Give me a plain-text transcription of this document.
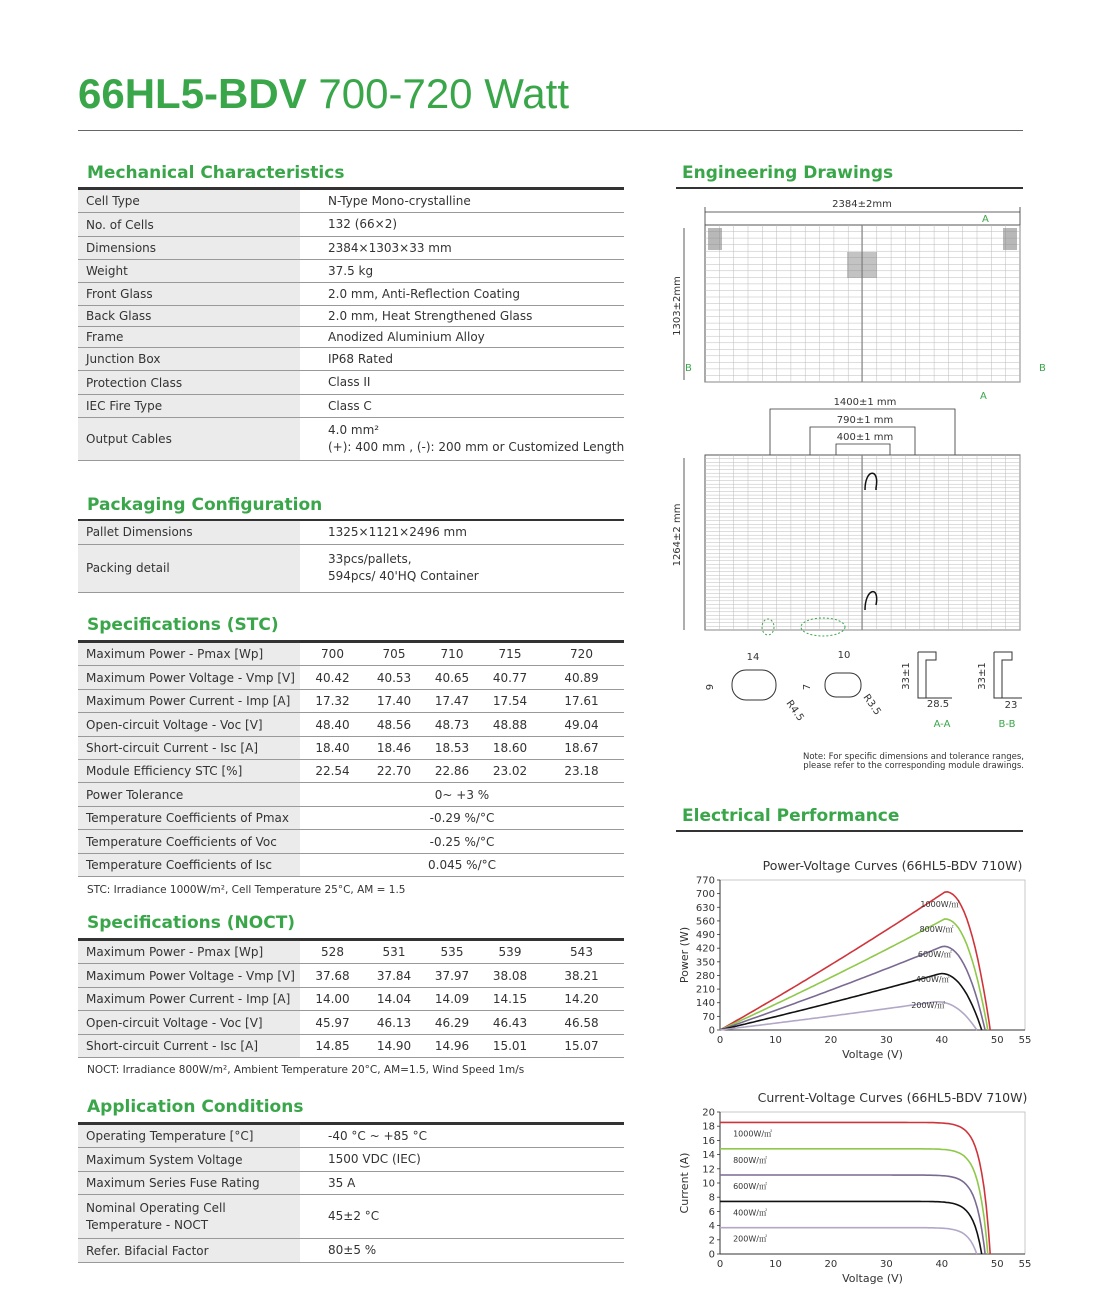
66HL5-BDV 700-720 Watt
Mechanical Characteristics
Cell Type	N-Type Mono-crystalline
No. of Cells	132 (66×2)
Dimensions	2384×1303×33 mm
Weight	37.5 kg
Front Glass	2.0 mm, Anti-Reflection Coating
Back Glass	2.0 mm, Heat Strengthened Glass
Frame	Anodized Aluminium Alloy
Junction Box	IP68 Rated
Protection Class	Class II
IEC Fire Type	Class C
Output Cables	4.0 mm²
(+): 400 mm , (-): 200 mm or Customized Length
Packaging Configuration
Pallet Dimensions	1325×1121×2496 mm
Packing detail	33pcs/pallets,
594pcs/ 40'HQ Container
Specifications (STC)
Maximum Power - Pmax [Wp]	700	705	710	715	720
Maximum Power Voltage - Vmp [V]	40.42	40.53	40.65	40.77	40.89
Maximum Power Current - Imp [A]	17.32	17.40	17.47	17.54	17.61
Open-circuit Voltage - Voc [V]	48.40	48.56	48.73	48.88	49.04
Short-circuit Current - Isc [A]	18.40	18.46	18.53	18.60	18.67
Module Efficiency STC [%]	22.54	22.70	22.86	23.02	23.18
Power Tolerance	0~ +3 %				
Temperature Coefficients of Pmax	-0.29 %/°C				
Temperature Coefficients of Voc	-0.25 %/°C				
Temperature Coefficients of Isc	0.045 %/°C				
STC: Irradiance 1000W/m², Cell Temperature 25°C, AM = 1.5
Specifications (NOCT)
Maximum Power - Pmax [Wp]	528	531	535	539	543
Maximum Power Voltage - Vmp [V]	37.68	37.84	37.97	38.08	38.21
Maximum Power Current - Imp [A]	14.00	14.04	14.09	14.15	14.20
Open-circuit Voltage - Voc [V]	45.97	46.13	46.29	46.43	46.58
Short-circuit Current - Isc [A]	14.85	14.90	14.96	15.01	15.07
NOCT: Irradiance 800W/m², Ambient Temperature 20°C, AM=1.5, Wind Speed 1m/s
Application Conditions
Operating Temperature [°C]	-40 °C ~ +85 °C
Maximum System Voltage	1500 VDC (IEC)
Maximum Series Fuse Rating	35 A

Nominal Operating Cell
Temperature - NOCT	45±2 °C
Refer. Bifacial Factor	80±5 %
Engineering Drawings
2384±2mm
A
1303±2mm
B	B
A
1400±1 mm
790±1 mm
400±1 mm
1264±2 mm
14
9
R4.5
10
7
R3.5
33±1
28.5
A-A
33±1
23
B-B
Note: For specific dimensions and tolerance ranges,
please refer to the corresponding module drawings.
Electrical Performance
Power-Voltage Curves (66HL5-BDV 710W)
0
70
140
210
280
350
420
490
560
630
700
770
0	10	20	30	40	50 55
Voltage (V)
Power (W)
1000W/㎡
800W/㎡
600W/㎡
400W/㎡
200W/㎡
Current-Voltage Curves (66HL5-BDV 710W)
0
2
4
6
8
10
12
14
16
18
20
0	10	20	30	40	50 55
Voltage (V)
Current (A)
1000W/㎡
800W/㎡
600W/㎡
400W/㎡
200W/㎡
